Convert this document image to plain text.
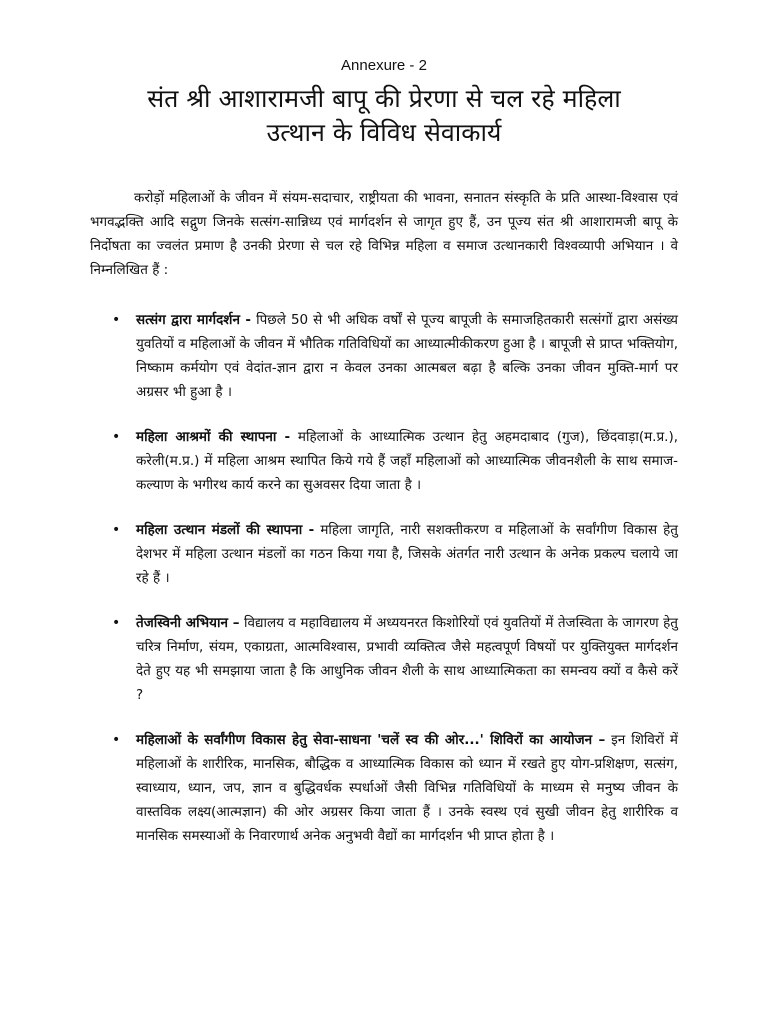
Annexure - 2
संत श्री आशारामजी बापू की प्रेरणा से चल रहे महिला
उत्थान के विविध सेवाकार्य

करोड़ों महिलाओं के जीवन में संयम-सदाचार, राष्ट्रीयता की भावना, सनातन संस्कृति के प्रति आस्था-विश्वास एवं भगवद्भक्ति आदि सद्गुण जिनके सत्संग-सान्निध्य एवं मार्गदर्शन से जागृत हुए हैं, उन पूज्य संत श्री आशारामजी बापू के निर्दोषता का ज्वलंत प्रमाण है उनकी प्रेरणा से चल रहे विभिन्न महिला व समाज उत्थानकारी विश्वव्यापी अभियान । वे निम्नलिखित हैं :

• सत्संग द्वारा मार्गदर्शन - पिछले 50 से भी अधिक वर्षों से पूज्य बापूजी के समाजहितकारी सत्संगों द्वारा असंख्य युवतियों व महिलाओं के जीवन में भौतिक गतिविधियों का आध्यात्मीकीकरण हुआ है । बापूजी से प्राप्त भक्तियोग, निष्काम कर्मयोग एवं वेदांत-ज्ञान द्वारा न केवल उनका आत्मबल बढ़ा है बल्कि उनका जीवन मुक्ति-मार्ग पर अग्रसर भी हुआ है ।
• महिला आश्रमों की स्थापना - महिलाओं के आध्यात्मिक उत्थान हेतु अहमदाबाद (गुज), छिंदवाड़ा(म.प्र.), करेली(म.प्र.) में महिला आश्रम स्थापित किये गये हैं जहाँ महिलाओं को आध्यात्मिक जीवनशैली के साथ समाज-कल्याण के भगीरथ कार्य करने का सुअवसर दिया जाता है ।
• महिला उत्थान मंडलों की स्थापना - महिला जागृति, नारी सशक्तीकरण व महिलाओं के सर्वांगीण विकास हेतु देशभर में महिला उत्थान मंडलों का गठन किया गया है, जिसके अंतर्गत नारी उत्थान के अनेक प्रकल्प चलाये जा रहे हैं ।
• तेजस्विनी अभियान – विद्यालय व महाविद्यालय में अध्ययनरत किशोरियों एवं युवतियों में तेजस्विता के जागरण हेतु चरित्र निर्माण, संयम, एकाग्रता, आत्मविश्वास, प्रभावी व्यक्तित्व जैसे महत्वपूर्ण विषयों पर युक्तियुक्त मार्गदर्शन देते हुए यह भी समझाया जाता है कि आधुनिक जीवन शैली के साथ आध्यात्मिकता का समन्वय क्यों व कैसे करें ?
• महिलाओं के सर्वांगीण विकास हेतु सेवा-साधना 'चलें स्व की ओर...' शिविरों का आयोजन – इन शिविरों में महिलाओं के शारीरिक, मानसिक, बौद्धिक व आध्यात्मिक विकास को ध्यान में रखते हुए योग-प्रशिक्षण, सत्संग, स्वाध्याय, ध्यान, जप, ज्ञान व बुद्धिवर्धक स्पर्धाओं जैसी विभिन्न गतिविधियों के माध्यम से मनुष्य जीवन के वास्तविक लक्ष्य(आत्मज्ञान) की ओर अग्रसर किया जाता हैं । उनके स्वस्थ एवं सुखी जीवन हेतु शारीरिक व मानसिक समस्याओं के निवारणार्थ अनेक अनुभवी वैद्यों का मार्गदर्शन भी प्राप्त होता है ।
